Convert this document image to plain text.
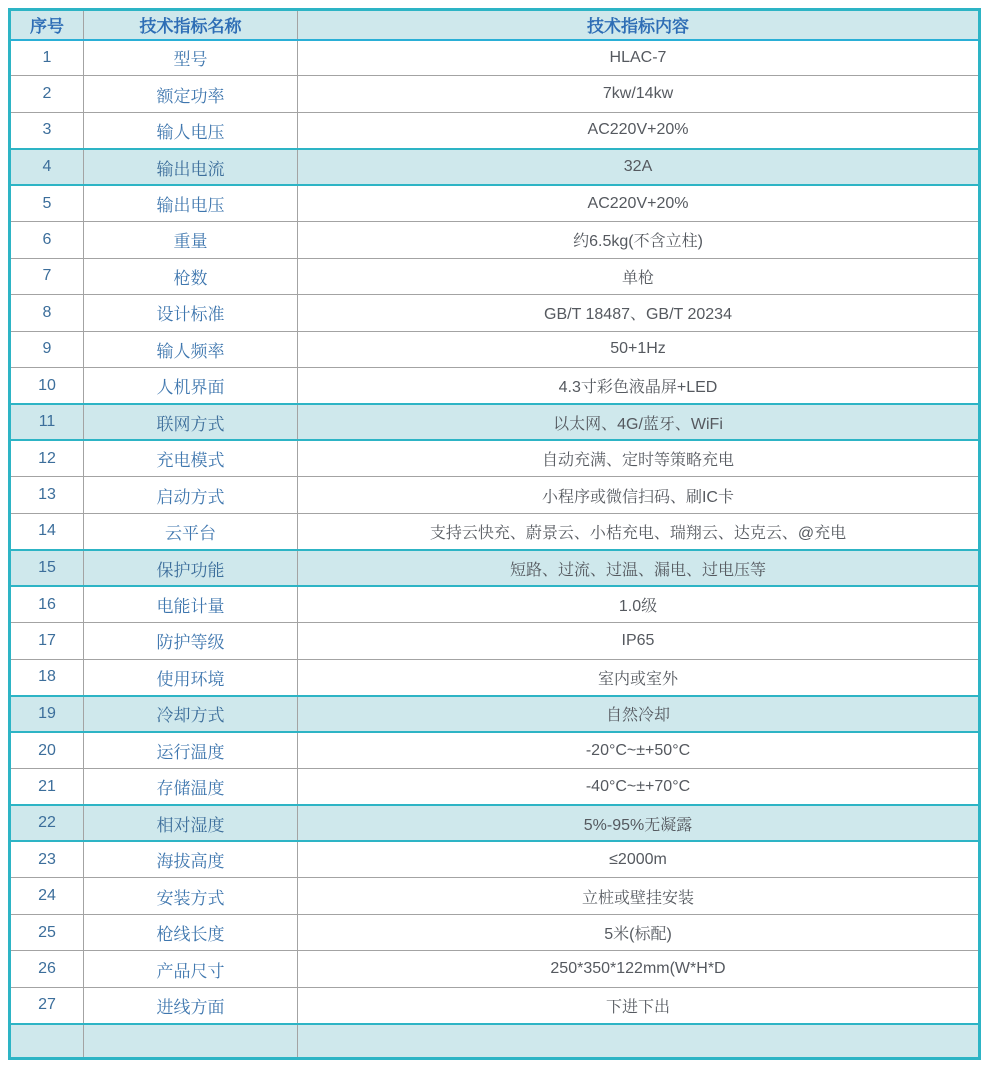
序号	技术指标名称	技术指标内容
1	型号	HLAC-7
2	额定功率	7kw/14kw
3	输人电压	AC220V+20%
4	输出电流	32A
5	输出电压	AC220V+20%
6	重量	约6.5kg(不含立柱)
7	枪数	单枪
8	设计标准	GB/T 18487、GB/T 20234
9	输人频率	50+1Hz
10	人机界面	4.3寸彩色液晶屏+LED
11	联网方式	以太网、4G/蓝牙、WiFi
12	充电模式	自动充满、定时等策略充电
13	启动方式	小程序或微信扫码、刷IC卡
14	云平台	支持云快充、蔚景云、小桔充电、瑞翔云、达克云、@充电
15	保护功能	短路、过流、过温、漏电、过电压等
16	电能计量	1.0级
17	防护等级	IP65
18	使用环境	室内或室外
19	冷却方式	自然冷却
20	运行温度	-20°C~±+50°C
21	存储温度	-40°C~±+70°C
22	相对湿度	5%-95%无凝露
23	海拔高度	≤2000m
24	安装方式	立桩或壁挂安装
25	枪线长度	5米(标配)
26	产品尺寸	250*350*122mm(W*H*D
27	进线方面	下进下出
